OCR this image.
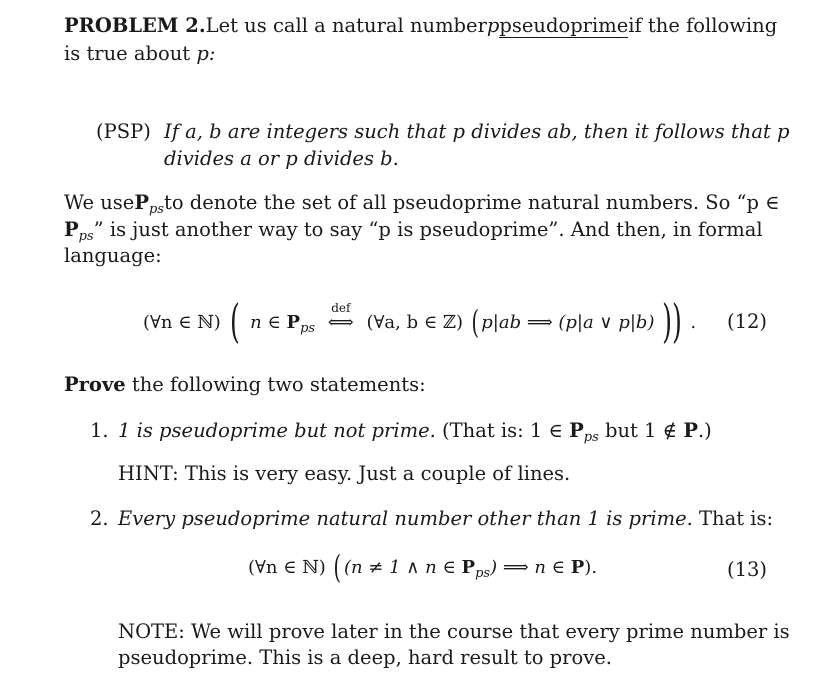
PROBLEM 2. Let us call a natural number p pseudoprime if the following
is true about p:
(PSP) If a, b are integers such that p divides ab, then it follows that p
divides a or p divides b.
We use $P_{ps}$ to denote the set of all pseudoprime natural numbers. So “p ∈
$P_{ps}$” is just another way to say “p is pseudoprime”. And then, in formal
language:
(∀n ∈ ℕ) ( n ∈ $P_{ps}$
def
⟺ (∀a, b ∈ ℤ) ( p|ab ⟹ (p|a ∨ p|b) )) . (12)
Prove the following two statements:
1. 1 is pseudoprime but not prime. (That is: 1 ∈ $P_{ps}$ but 1 ∉ P.)
HINT: This is very easy. Just a couple of lines.
2. Every pseudoprime natural number other than 1 is prime. That is:
(∀n ∈ ℕ) ( (n ≠ 1 ∧ n ∈ $P_{ps}$) ⟹ n ∈ P).	(13)
NOTE: We will prove later in the course that every prime number is
pseudoprime. This is a deep, hard result to prove.
